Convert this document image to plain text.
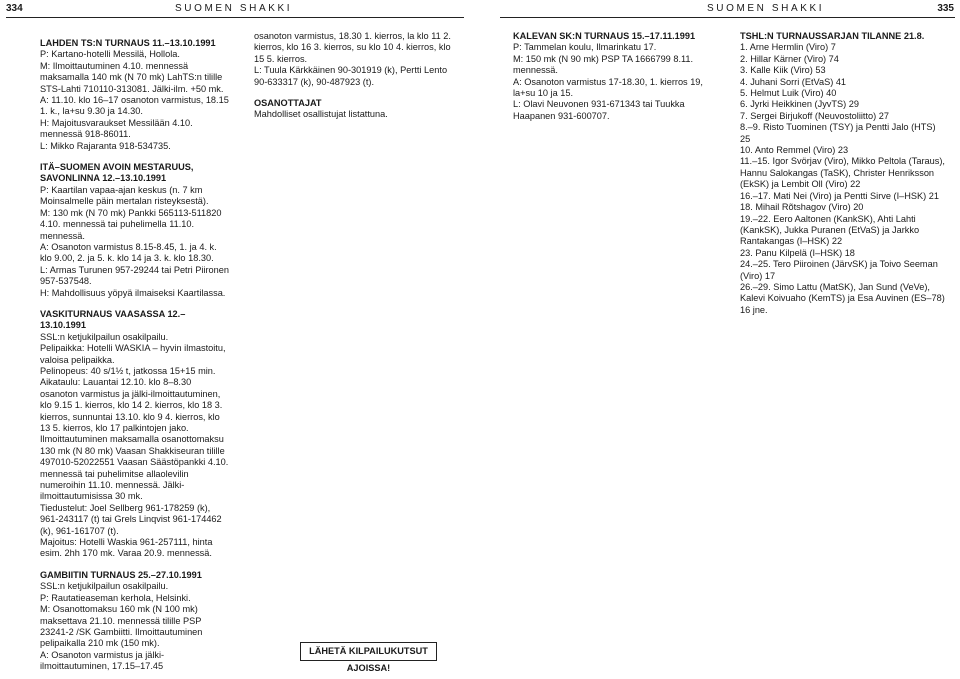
334	SUOMEN SHAKKI	SUOMEN SHAKKI	335

LAHDEN TS:N TURNAUS 11.–13.10.1991

P: Kartano-hotelli Messilä, Hollola.

M: Ilmoittautuminen 4.10. mennessä maksamalla 140 mk (N 70 mk) LahTS:n tilille STS-Lahti 710110-313081. Jälki-ilm. +50 mk.

A: 11.10. klo 16–17 osanoton varmistus, 18.15 1. k., la+su 9.30 ja 14.30.

H: Majoitusvaraukset Messilään 4.10. mennessä 918-86011.

L: Mikko Rajaranta 918-534735.

ITÄ–SUOMEN AVOIN MESTARUUS, SAVONLINNA 12.–13.10.1991

P: Kaartilan vapaa-ajan keskus (n. 7 km Moinsalmelle päin mertalan risteyksestä).

M: 130 mk (N 70 mk) Pankki 565113-511820 4.10. mennessä tai puhelimella 11.10. mennessä.

A: Osanoton varmistus 8.15-8.45, 1. ja 4. k. klo 9.00, 2. ja 5. k. klo 14 ja 3. k. klo 18.30.

L: Armas Turunen 957-29244 tai Petri Piironen 957-537548.

H: Mahdollisuus yöpyä ilmaiseksi Kaartilassa.

VASKITURNAUS VAASASSA 12.–13.10.1991

SSL:n ketjukilpailun osakilpailu.

Pelipaikka: Hotelli WASKIA – hyvin ilmastoitu, valoisa pelipaikka.

Pelinopeus: 40 s/1½ t, jatkossa 15+15 min.

Aikataulu: Lauantai 12.10. klo 8–8.30 osanoton varmistus ja jälki-ilmoittautuminen, klo 9.15 1. kierros, klo 14 2. kierros, klo 18 3. kierros, sunnuntai 13.10. klo 9 4. kierros, klo 13 5. kierros, klo 17 palkintojen jako.

Ilmoittautuminen maksamalla osanottomaksu 130 mk (N 80 mk) Vaasan Shakkiseuran tilille 497010-52022551 Vaasan Säästöpankki 4.10. mennessä tai puhelimitse allaolevilin numeroihin 11.10. mennessä. Jälki-ilmoittautumisissa 30 mk.

Tiedustelut: Joel Sellberg 961-178259 (k), 961-243117 (t) tai Grels Linqvist 961-174462 (k), 961-161707 (t).

Majoitus: Hotelli Waskia 961-257111, hinta esim. 2hh 170 mk. Varaa 20.9. mennessä.

GAMBIITIN TURNAUS 25.–27.10.1991

SSL:n ketjukilpailun osakilpailu.

P: Rautatieaseman kerhola, Helsinki.

M: Osanottomaksu 160 mk (N 100 mk) maksettava 21.10. mennessä tilille PSP 23241-2 /SK Gambiitti. Ilmoittautuminen pelipaikalla 210 mk (150 mk).

A: Osanoton varmistus ja jälki-ilmoittautuminen, 17.15–17.45

osanoton varmistus, 18.30 1. kierros, la klo 11 2. kierros, klo 16 3. kierros, su klo 10 4. kierros, klo 15 5. kierros.

L: Tuula Kärkkäinen 90-301919 (k), Pertti Lento 90-633317 (k), 90-487923 (t).

OSANOTTAJAT

Mahdolliset osallistujat listattuna.

KALEVAN SK:N TURNAUS 15.–17.11.1991

P: Tammelan koulu, Ilmarinkatu 17.

M: 150 mk (N 90 mk) PSP TA 1666799 8.11. mennessä.

A: Osanoton varmistus 17-18.30, 1. kierros 19, la+su 10 ja 15.

L: Olavi Neuvonen 931-671343 tai Tuukka Haapanen 931-600707.

TSHL:N TURNAUSSARJAN TILANNE 21.8.

1. Arne Hermlin (Viro) 7
2. Hillar Kärner (Viro) 74
3. Kalle Kiik (Viro) 53
4. Juhani Sorri (EtVaS) 41
5. Helmut Luik (Viro) 40
6. Jyrki Heikkinen (JyvTS) 29
7. Sergei Birjukoff (Neuvostoliitto) 27
8.–9. Risto Tuominen (TSY) ja Pentti Jalo (HTS) 25
10. Anto Remmel (Viro) 23
11.–15. Igor Svörjav (Viro), Mikko Peltola (Taraus), Hannu Salokangas (TaSK), Christer Henriksson (EkSK) ja Lembit Oll (Viro) 22
16.–17. Mati Nei (Viro) ja Pentti Sirve (I–HSK) 21
18. Mihail Rõtshagov (Viro) 20
19.–22. Eero Aaltonen (KankSK), Ahti Lahti (KankSK), Jukka Puranen (EtVaS) ja Jarkko Rantakangas (I–HSK) 22
23. Panu Kilpelä (I–HSK) 18
24.–25. Tero Piiroinen (JärvSK) ja Toivo Seeman (Viro) 17
26.–29. Simo Lattu (MatSK), Jan Sund (VeVe), Kalevi Koivuaho (KemTS) ja Esa Auvinen (ES–78) 16 jne.
LÄHETÄ KILPAILUKUTSUT AJOISSA!
